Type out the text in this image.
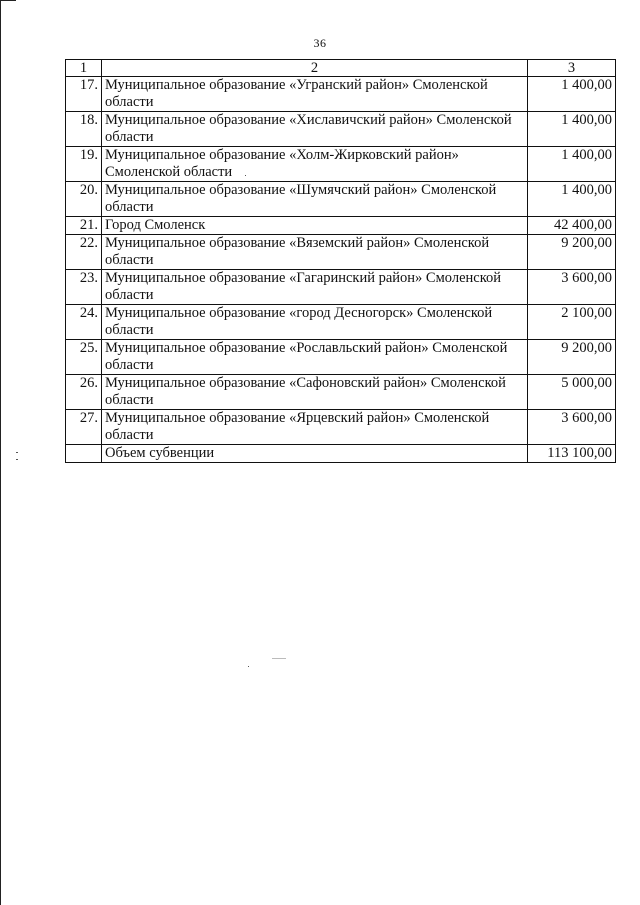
36
1	2	3
17.	Муниципальное образование «Угранский район» Смоленской области	1 400,00
18.	Муниципальное образование «Хиславичский район» Смоленской области	1 400,00
19.	Муниципальное образование «Холм-Жирковский район» Смоленской области	1 400,00
20.	Муниципальное образование «Шумячский район» Смоленской области	1 400,00
21.	Город Смоленск	42 400,00
22.	Муниципальное образование «Вяземский район» Смоленской области	9 200,00
23.	Муниципальное образование «Гагаринский район» Смоленской области	3 600,00
24.	Муниципальное образование «город Десногорск» Смоленской области	2 100,00
25.	Муниципальное образование «Рославльский район» Смоленской области	9 200,00
26.	Муниципальное образование «Сафоновский район» Смоленской области	5 000,00
27.	Муниципальное образование «Ярцевский район» Смоленской области	3 600,00
	Объем субвенции	113 100,00
